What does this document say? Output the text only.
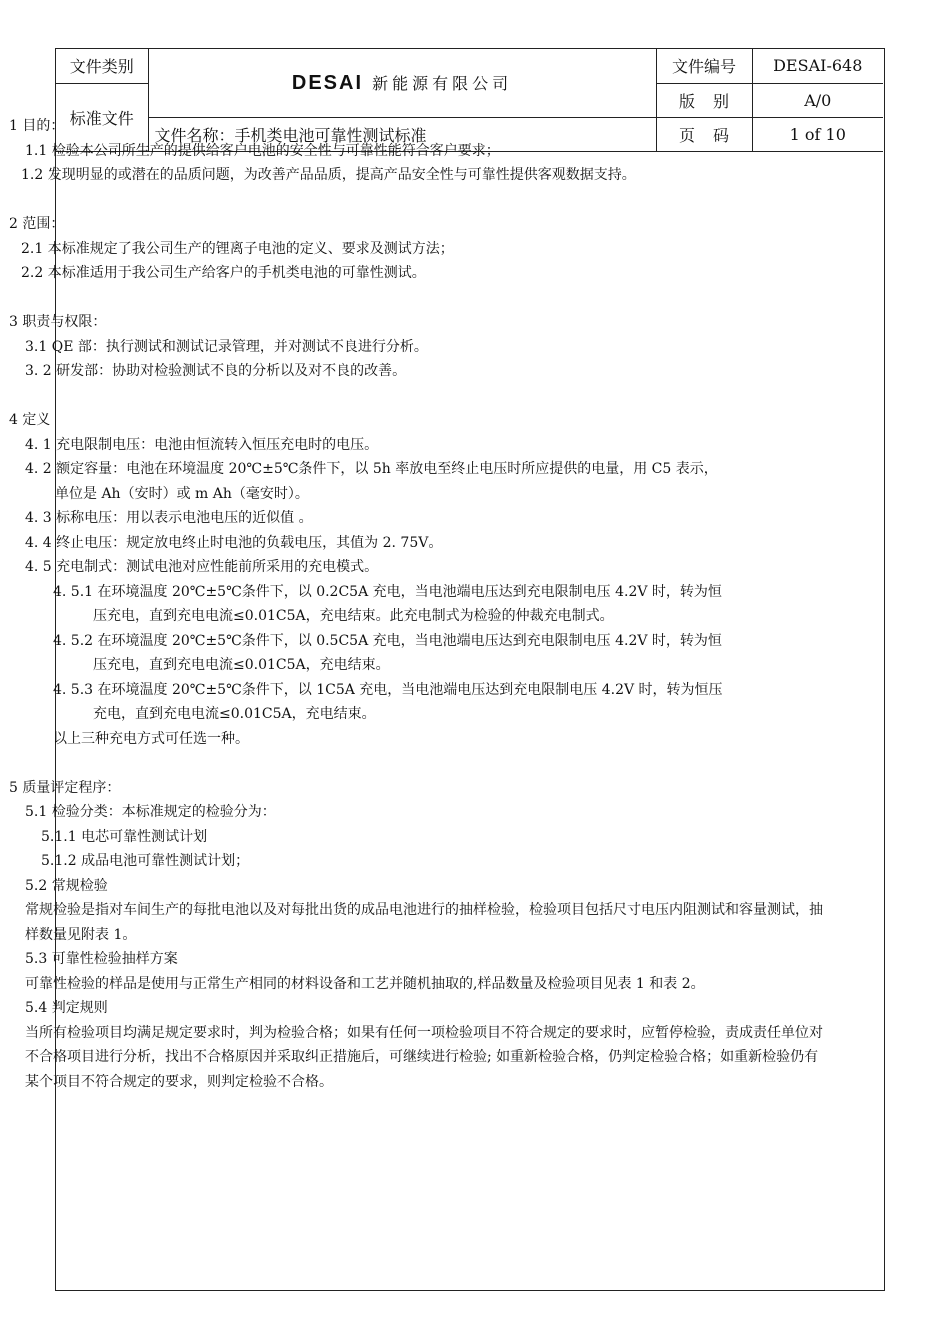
文件类别	DESAI 新能源有限公司	文件编号	DESAI-648
标准文件		版别	A/0
	文件名称：手机类电池可靠性测试标准	页码	1 of 10

1 目的：

1.1 检验本公司所生产的提供给客户电池的安全性与可靠性能符合客户要求；

1.2 发现明显的或潜在的品质问题，为改善产品品质，提高产品安全性与可靠性提供客观数据支持。

2 范围：

2.1 本标准规定了我公司生产的锂离子电池的定义、要求及测试方法；

2.2 本标准适用于我公司生产给客户的手机类电池的可靠性测试。

3 职责与权限：

3.1 QE 部：执行测试和测试记录管理，并对测试不良进行分析。

3. 2 研发部：协助对检验测试不良的分析以及对不良的改善。

4 定义

4. 1 充电限制电压：电池由恒流转入恒压充电时的电压。

4. 2 额定容量：电池在环境温度 20℃±5℃条件下，以 5h 率放电至终止电压时所应提供的电量，用 C5 表示，

单位是 Ah（安时）或 m Ah（毫安时）。

4. 3 标称电压：用以表示电池电压的近似值 。

4. 4 终止电压：规定放电终止时电池的负载电压，其值为 2. 75V。

4. 5 充电制式：测试电池对应性能前所采用的充电模式。

4. 5.1 在环境温度 20℃±5℃条件下，以 0.2C5A 充电，当电池端电压达到充电限制电压 4.2V 时，转为恒

压充电，直到充电电流≤0.01C5A，充电结束。此充电制式为检验的仲裁充电制式。

4. 5.2 在环境温度 20℃±5℃条件下，以 0.5C5A 充电，当电池端电压达到充电限制电压 4.2V 时，转为恒

压充电，直到充电电流≤0.01C5A，充电结束。

4. 5.3 在环境温度 20℃±5℃条件下，以 1C5A 充电，当电池端电压达到充电限制电压 4.2V 时，转为恒压

充电，直到充电电流≤0.01C5A，充电结束。

以上三种充电方式可任选一种。

5 质量评定程序：

5.1 检验分类：本标准规定的检验分为：

5.1.1 电芯可靠性测试计划

5.1.2 成品电池可靠性测试计划；

5.2 常规检验

常规检验是指对车间生产的每批电池以及对每批出货的成品电池进行的抽样检验，检验项目包括尺寸电压内阻测试和容量测试，抽样数量见附表 1。

5.3 可靠性检验抽样方案

可靠性检验的样品是使用与正常生产相同的材料设备和工艺并随机抽取的,样品数量及检验项目见表 1 和表 2。

5.4 判定规则

当所有检验项目均满足规定要求时，判为检验合格；如果有任何一项检验项目不符合规定的要求时，应暂停检验，责成责任单位对不合格项目进行分析，找出不合格原因并采取纠正措施后，可继续进行检验; 如重新检验合格，仍判定检验合格；如重新检验仍有某个项目不符合规定的要求，则判定检验不合格。
